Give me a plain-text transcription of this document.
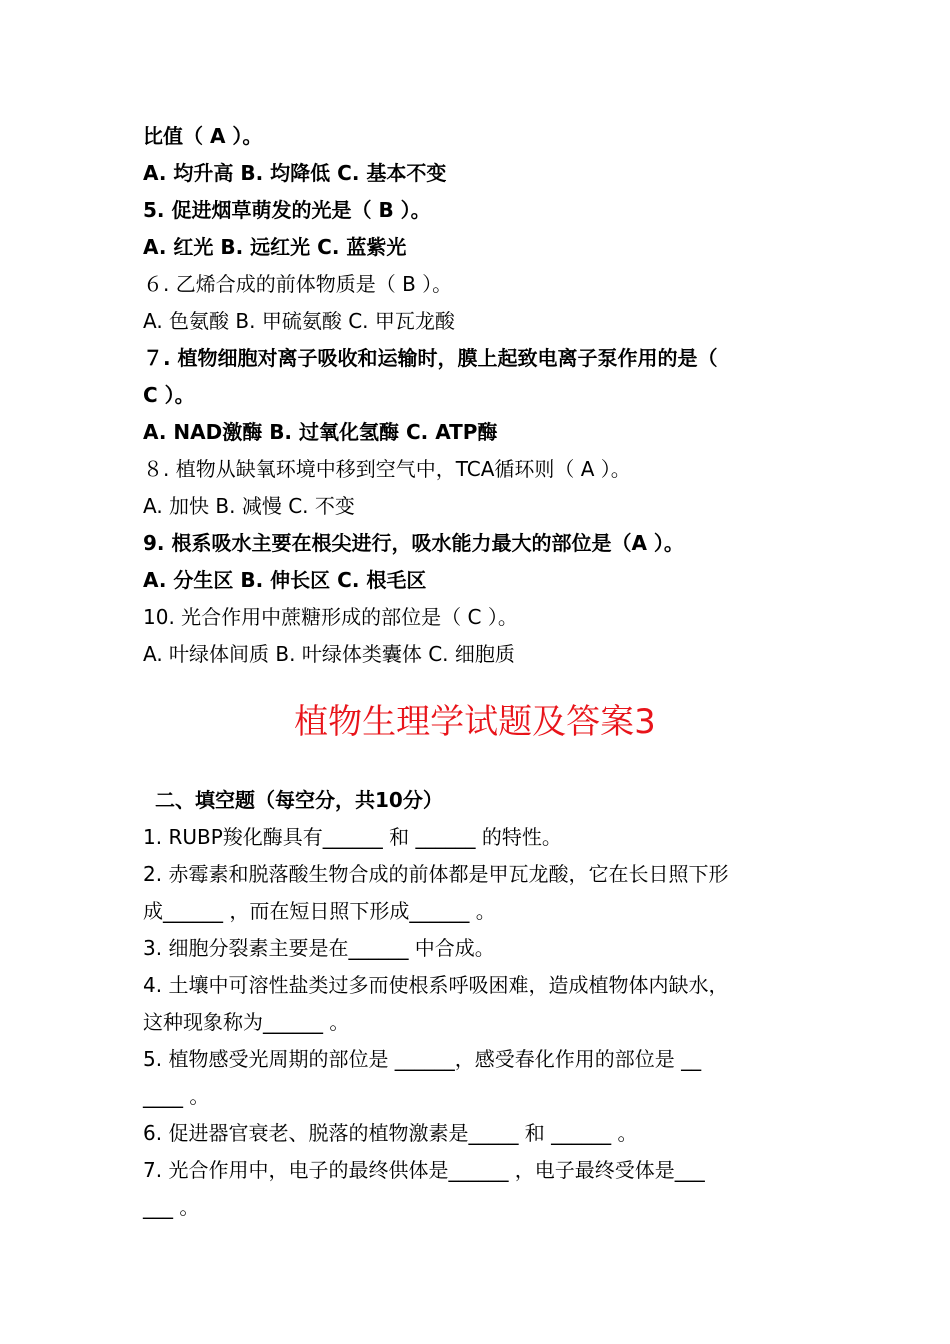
比值（ A ）。
A. 均升高 B. 均降低 C. 基本不变
5. 促进烟草萌发的光是（ B ）。
A. 红光 B. 远红光 C. 蓝紫光
６. 乙烯合成的前体物质是（ B ）。
A. 色氨酸 B. 甲硫氨酸 C. 甲瓦龙酸
７. 植物细胞对离子吸收和运输时，膜上起致电离子泵作用的是（
C ）。
A. NAD激酶 B. 过氧化氢酶 C. ATP酶
８. 植物从缺氧环境中移到空气中，TCA循环则（ A ）。
A. 加快 B. 减慢 C. 不变
9. 根系吸水主要在根尖进行，吸水能力最大的部位是（A ）。
A. 分生区 B. 伸长区 C. 根毛区
10. 光合作用中蔗糖形成的部位是（ C ）。
A. 叶绿体间质 B. 叶绿体类囊体 C. 细胞质
植物生理学试题及答案3
二、填空题（每空分，共10分）
1. RUBP羧化酶具有______ 和 ______ 的特性。
2. 赤霉素和脱落酸生物合成的前体都是甲瓦龙酸，它在长日照下形
成______ ，而在短日照下形成______ 。
3. 细胞分裂素主要是在______ 中合成。
4. 土壤中可溶性盐类过多而使根系呼吸困难，造成植物体内缺水，
这种现象称为______ 。
5. 植物感受光周期的部位是 ______，感受春化作用的部位是 __
____ 。
6. 促进器官衰老、脱落的植物激素是_____ 和 ______ 。
7. 光合作用中，电子的最终供体是______ ，电子最终受体是___
___ 。
